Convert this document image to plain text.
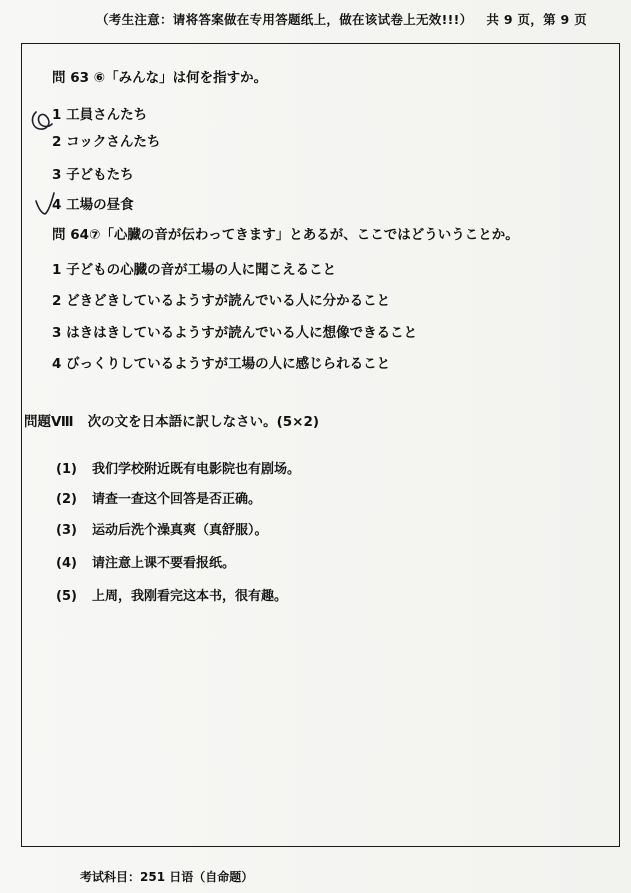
（考生注意：请将答案做在专用答题纸上，做在该试卷上无效!!!） 共 9 页，第 9 页
問 63 ⑥「みんな」は何を指すか。
1 工員さんたち
2 コックさんたち
3 子どもたち
4 工場の昼食
問 64⑦「心臓の音が伝わってきます」とあるが、ここではどういうことか。
1 子どもの心臓の音が工場の人に聞こえること
2 どきどきしているようすが読んでいる人に分かること
3 はきはきしているようすが読んでいる人に想像できること
4 びっくりしているようすが工場の人に感じられること
問題Ⅷ 次の文を日本語に訳しなさい。(5×2)
(1) 我们学校附近既有电影院也有剧场。
(2) 请查一查这个回答是否正确。
(3) 运动后洗个澡真爽（真舒服）。
(4) 请注意上课不要看报纸。
(5) 上周，我刚看完这本书，很有趣。
考试科目：251 日语（自命题）
